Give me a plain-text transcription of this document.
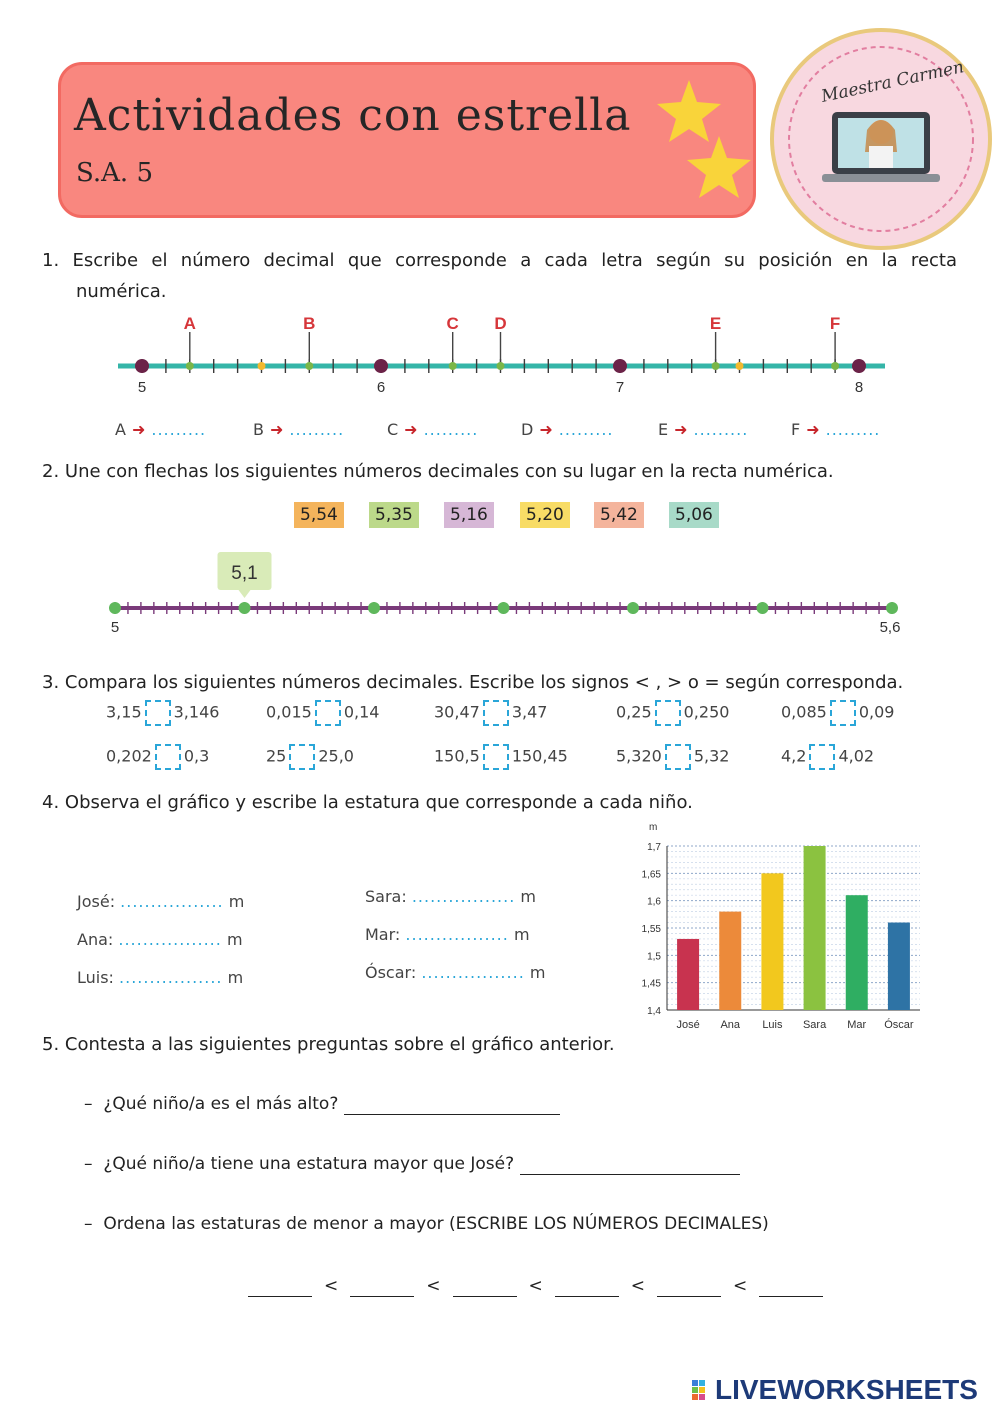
Actividades con estrella
S.A. 5
Maestra Carmen
1. Escribe el número decimal que corresponde a cada letra según su posición en la recta
numérica.
5	6	7	8
A	B	C D	E	F
A ➜ .........	B ➜ .........	C ➜ .........	D ➜ .........	E ➜ .........	F ➜ .........
2. Une con flechas los siguientes números decimales con su lugar en la recta numérica.
5,54	5,35	5,16	5,20	5,42	5,06
5,1
5	5,6
3. Compara los siguientes números decimales. Escribe los signos < , > o = según corresponda.
3,15 3,146	0,015 0,14	30,47 3,47	0,25 0,250	0,085 0,09
0,202 0,3	25 25,0	150,5 150,45	5,320 5,32	4,2 4,02
4. Observa el gráfico y escribe la estatura que corresponde a cada niño.
José: ................. m
Ana: ................. m
Luis: ................. m
Sara: ................. m
Mar: ................. m
Óscar: ................. m
1,7
1,65
1,6
1,55
1,5
1,45
1,4
m
José Ana Luis Sara Mar Óscar
5. Contesta a las siguientes preguntas sobre el gráfico anterior.
– ¿Qué niño/a es el más alto?
– ¿Qué niño/a tiene una estatura mayor que José?
– Ordena las estaturas de menor a mayor (ESCRIBE LOS NÚMEROS DECIMALES)
<	<	<	<	<
LIVEWORKSHEETS
